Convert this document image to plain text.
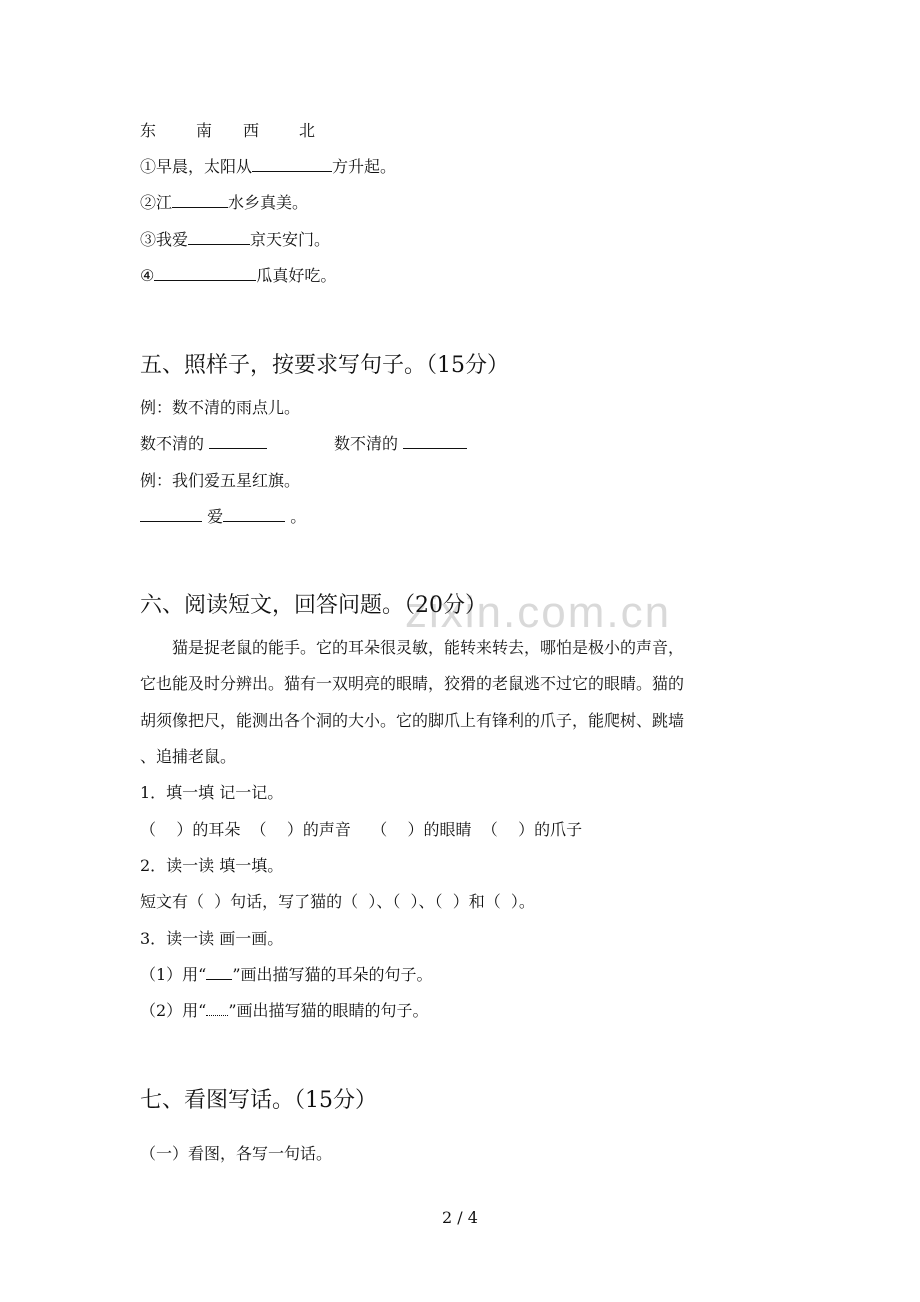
东 南 西 北
①早晨，太阳从	方升起。
②江	水乡真美。
③我爱	京天安门。
④	瓜真好吃。
五、照样子，按要求写句子。（15分）
例：数不清的雨点儿。
数不清的	数不清的
例：我们爱五星红旗。
爱	。
zixin.com.cn
六、阅读短文，回答问题。（20分）
猫是捉老鼠的能手。它的耳朵很灵敏，能转来转去，哪怕是极小的声音，
它也能及时分辨出。猫有一双明亮的眼睛，狡猾的老鼠逃不过它的眼睛。猫的
胡须像把尺，能测出各个洞的大小。它的脚爪上有锋利的爪子，能爬树、跳墙
、追捕老鼠。
1．填一填 记一记。
（    ）的耳朵  （    ）的声音    （    ）的眼睛  （    ）的爪子
2．读一读 填一填。
短文有（  ）句话，写了猫的（  ）、（  ）、（  ）和（  ）。
3．读一读 画一画。
（1）用“ ”画出描写猫的耳朵的句子。
（2）用“ ”画出描写猫的眼睛的句子。
七、看图写话。（15分）
（一）看图，各写一句话。
2 / 4
